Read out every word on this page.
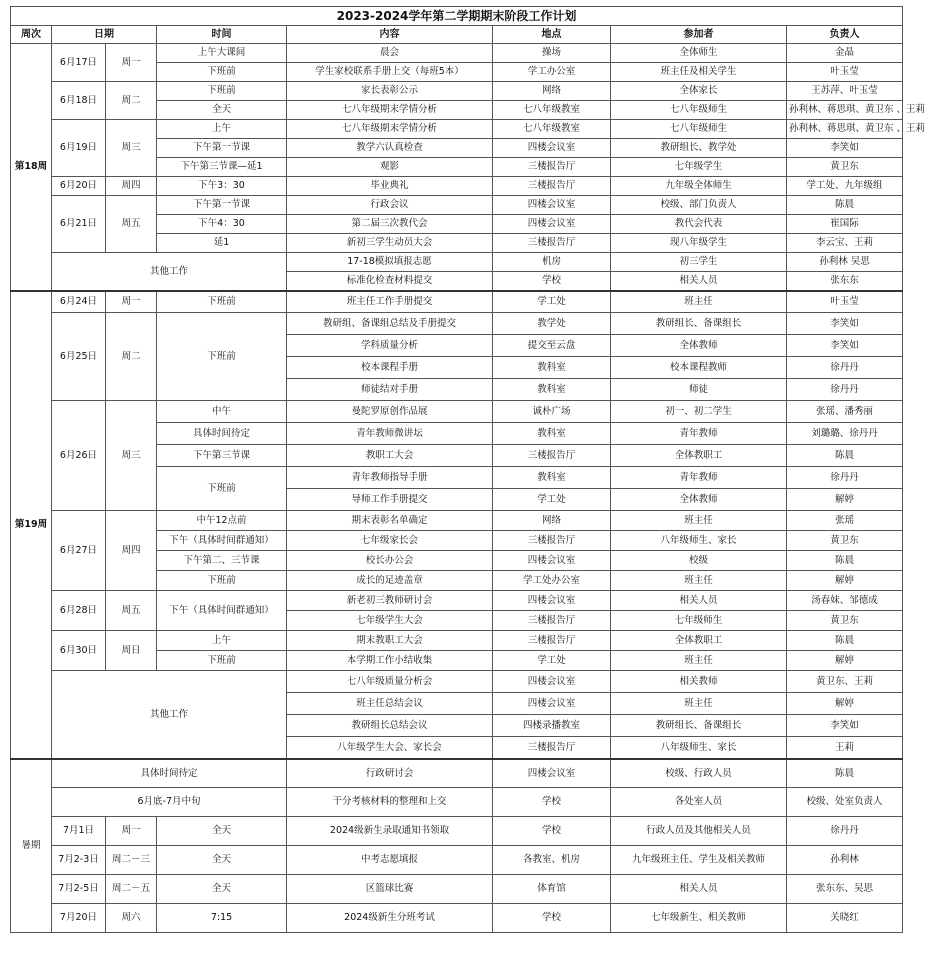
2023-2024学年第二学期期末阶段工作计划							
周次	日期		时间	内容	地点	参加者	负责人
第18周	6月17日	周一	上午大课间	晨会	操场	全体师生	金晶
			下班前	学生家校联系手册上交（每班5本）	学工办公室	班主任及相关学生	叶玉莹
	6月18日	周二	下班前	家长表彰公示	网络	全体家长	王苏萍、叶玉莹
			全天	七八年级期末学情分析	七八年级教室	七八年级师生	孙利林、蒋思琪、黄卫东 、王莉
	6月19日	周三	上午	七八年级期末学情分析	七八年级教室	七八年级师生	孙利林、蒋思琪、黄卫东 、王莉
			下午第一节课	教学六认真检查	四楼会议室	教研组长、教学处	李笑如
			下午第三节课—延1	观影	三楼报告厅	七年级学生	黄卫东
	6月20日	周四	下午3：30	毕业典礼	三楼报告厅	九年级全体师生	学工处、九年级组
	6月21日	周五	下午第一节课	行政会议	四楼会议室	校级、部门负责人	陈晨
			下午4：30	第二届三次教代会	四楼会议室	教代会代表	崔国际
			延1	新初三学生动员大会	三楼报告厅	现八年级学生	李云宝、王莉
	其他工作			17-18模拟填报志愿	机房	初三学生	孙利林 吴思
				标准化检查材料提交	学校	相关人员	张东东
第19周	6月24日	周一	下班前	班主任工作手册提交	学工处	班主任	叶玉莹
	6月25日	周二	下班前	教研组、备课组总结及手册提交	教学处	教研组长、备课组长	李笑如
				学科质量分析	提交至云盘	全体教师	李笑如
				校本课程手册	教科室	校本课程教师	徐丹丹
				师徒结对手册	教科室	师徒	徐丹丹
	6月26日	周三	中午	曼陀罗原创作品展	诚朴广场	初一、初二学生	张瑶、潘秀丽
			具体时间待定	青年教师微讲坛	教科室	青年教师	刘璐璐、徐丹丹
			下午第三节课	教职工大会	三楼报告厅	全体教职工	陈晨
			下班前	青年教师指导手册	教科室	青年教师	徐丹丹
				导师工作手册提交	学工处	全体教师	解婷
	6月27日	周四	中午12点前	期末表彰名单确定	网络	班主任	张瑶
			下午（具体时间群通知）	七年级家长会	三楼报告厅	八年级师生、家长	黄卫东
			下午第二、三节课	校长办公会	四楼会议室	校级	陈晨
			下班前	成长的足迹盖章	学工处办公室	班主任	解婷
	6月28日	周五	下午（具体时间群通知）	新老初三教师研讨会	四楼会议室	相关人员	汤春妹、邹德成
				七年级学生大会	三楼报告厅	七年级师生	黄卫东
	6月30日	周日	上午	期末教职工大会	三楼报告厅	全体教职工	陈晨
			下班前	本学期工作小结收集	学工处	班主任	解婷
	其他工作			七八年级质量分析会	四楼会议室	相关教师	黄卫东、王莉
				班主任总结会议	四楼会议室	班主任	解婷
				教研组长总结会议	四楼录播教室	教研组长、备课组长	李笑如
				八年级学生大会、家长会	三楼报告厅	八年级师生、家长	王莉
暑期	具体时间待定			行政研讨会	四楼会议室	校级、行政人员	陈晨
	6月底-7月中旬			干分考核材料的整理和上交	学校	各处室人员	校级、处室负责人
	7月1日	周一	全天	2024级新生录取通知书领取	学校	行政人员及其他相关人员	徐丹丹
	7月2-3日	周二－三	全天	中考志愿填报	各教室、机房	九年级班主任、学生及相关教师	孙利林
	7月2-5日	周二－五	全天	区篮球比赛	体育馆	相关人员	张东东、吴思
	7月20日	周六	7:15	2024级新生分班考试	学校	七年级新生、相关教师	关晓红
